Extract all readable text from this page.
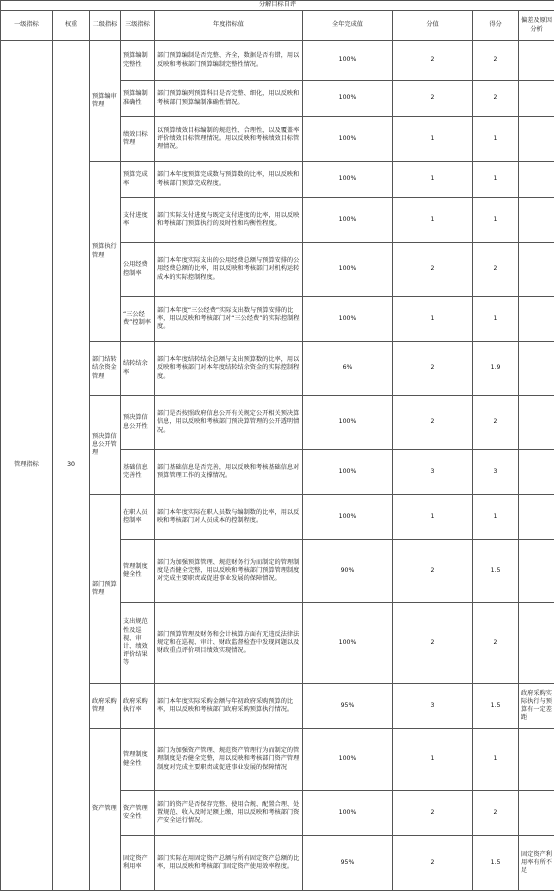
分解目标自评								
一级指标	权重	二级指标	三级指标	年度指标值	全年完成值	分值	得分	偏差及原因分析
管理指标	30	预算编审管理	预算编制完整性	部门预算编制是否完整、齐全，数据是否有错，用以反映和考核部门预算编制完整性情况。	100%	2	2	
			预算编制准确性	部门预算编列预算科目是否完整、细化，用以反映和考核部门预算编制准确性情况。	100%	2	2	
			绩效目标管理	以预算绩效目标编制的规范性、合理性，以及覆盖率评价绩效目标管理情况。用以反映和考核绩效目标管理情况。	100%	1	1	
		预算执行管理	预算完成率	部门本年度预算完成数与预算数的比率，用以反映和考核部门预算完成程度。	100%	1	1	
			支付进度率	部门实际支付进度与既定支付进度的比率，用以反映和考核部门预算执行的及时性和均衡性程度。	100%	1	1	
			公用经费控制率	部门本年度实际支出的公用经费总额与预算安排的公用经费总额的比率，用以反映和考核部门对机构运转成本的实际控制程度。	100%	2	2	
			“三公经费”控制率	部门本年度“三公经费”实际支出数与预算安排的比率，用以反映和考核部门对“三公经费”的实际控制程度。	100%	1	1	
		部门结转结余资金管理	结转结余率	部门本年度结转结余总额与支出预算数的比率，用以反映和考核部门对本年度结转结余资金的实际控制程度。	6%	2	1.9	
		预决算信息公开管理	预决算信息公开性	部门是否按照政府信息公开有关规定公开相关预决算信息，用以反映和考核部门预决算管理的公开透明情况。	100%	2	2	
			基础信息完善性	部门基础信息是否完善，用以反映和考核基础信息对预算管理工作的支撑情况。	100%	3	3	
		部门预算管理	在职人员控制率	部门本年度实际在职人员数与编制数的比率，用以反映和考核部门对人员成本的控制程度。	100%	1	1	
			管理制度健全性	部门为加强预算管理、规范财务行为而制定的管理制度是否健全完整，用以反映和考核部门预算管理制度对完成主要职责或促进事业发展的保障情况。	90%	2	1.5	
			支出规范性及巡视、审计、绩效评价结果等	部门预算管理及财务和会计核算方面有无违反法律法规定和在巡视、审计、财政监督检查中发现问题以及财政重点评价项目绩效实现情况。	100%	2	2	
		政府采购管理	政府采购执行率	部门本年度实际采购金额与年初政府采购预算的比率，用以反映和考核部门政府采购预算执行情况。	95%	3	1.5	政府采购实际执行与预算有一定差距
		资产管理	管理制度健全性	部门为加强资产管理、规范资产管理行为而制定的管理制度是否健全完整，用以反映和考核部门资产管理制度对完成主要职责或促进事业发展的保障情况	100%	1	1	
			资产管理安全性	部门的资产是否保存完整、使用合规、配置合理、处置规范、收入及时足额上缴，用以反映和考核部门资产安全运行情况。	100%	2	2	
			固定资产利用率	部门实际在用固定资产总额与所有固定资产总额的比率，用以反映和考核部门固定资产使用效率程度。	95%	2	1.5	固定资产利用率有所不足
